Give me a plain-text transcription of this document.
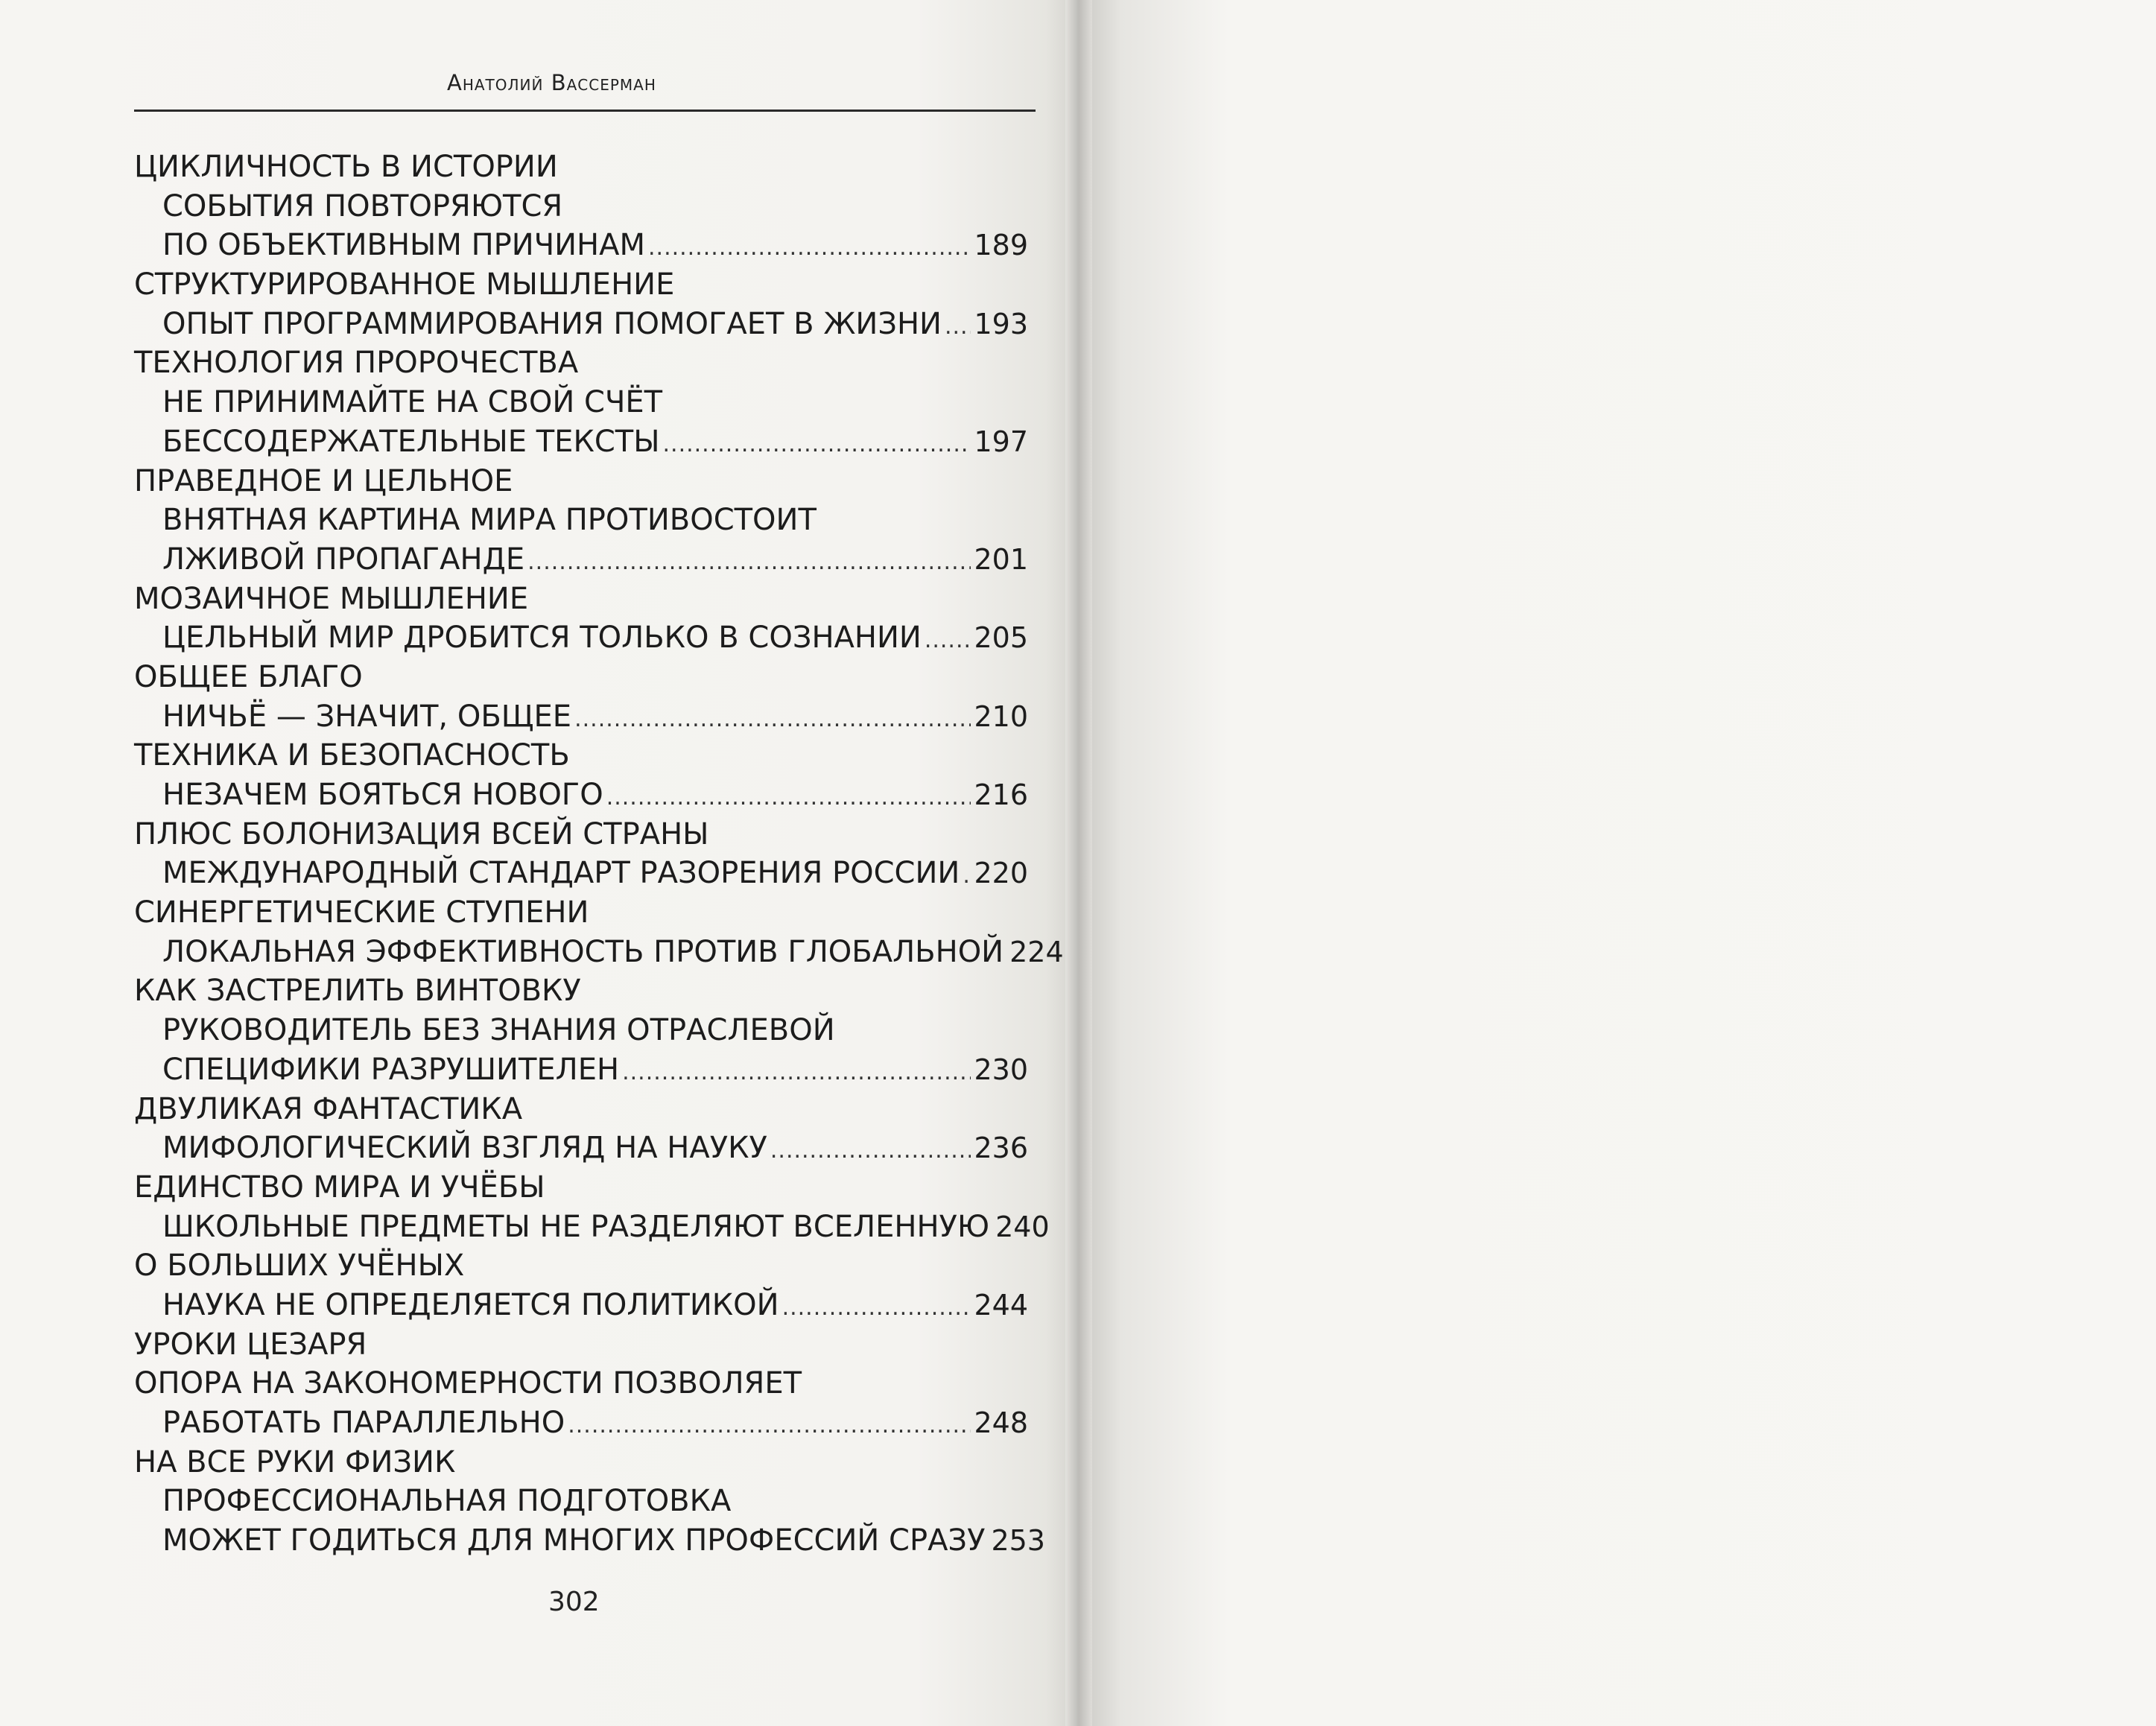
Анатолий Вассерман
ЦИКЛИЧНОСТЬ В ИСТОРИИ
СОБЫТИЯ ПОВТОРЯЮТСЯ
ПО ОБЪЕКТИВНЫМ ПРИЧИНАМ .....	189
СТРУКТУРИРОВАННОЕ МЫШЛЕНИЕ
ОПЫТ ПРОГРАММИРОВАНИЯ ПОМОГАЕТ В ЖИЗНИ ..... 193
ТЕХНОЛОГИЯ ПРОРОЧЕСТВА
НЕ ПРИНИМАЙТЕ НА СВОЙ СЧЁТ
БЕССОДЕРЖАТЕЛЬНЫЕ ТЕКСТЫ .....	197
ПРАВЕДНОЕ И ЦЕЛЬНОЕ
ВНЯТНАЯ КАРТИНА МИРА ПРОТИВОСТОИТ
ЛЖИВОЙ ПРОПАГАНДЕ .....	201
МОЗАИЧНОЕ МЫШЛЕНИЕ
ЦЕЛЬНЫЙ МИР ДРОБИТСЯ ТОЛЬКО В СОЗНАНИИ ..... 205
ОБЩЕЕ БЛАГО
НИЧЬЁ — ЗНАЧИТ, ОБЩЕЕ .....	210
ТЕХНИКА И БЕЗОПАСНОСТЬ
НЕЗАЧЕМ БОЯТЬСЯ НОВОГО .....	216
ПЛЮС БОЛОНИЗАЦИЯ ВСЕЙ СТРАНЫ
МЕЖДУНАРОДНЫЙ СТАНДАРТ РАЗОРЕНИЯ РОССИИ ..... 220
СИНЕРГЕТИЧЕСКИЕ СТУПЕНИ
ЛОКАЛЬНАЯ ЭФФЕКТИВНОСТЬ ПРОТИВ ГЛОБАЛЬНОЙ 224
КАК ЗАСТРЕЛИТЬ ВИНТОВКУ
РУКОВОДИТЕЛЬ БЕЗ ЗНАНИЯ ОТРАСЛЕВОЙ
СПЕЦИФИКИ РАЗРУШИТЕЛЕН .....	230
ДВУЛИКАЯ ФАНТАСТИКА
МИФОЛОГИЧЕСКИЙ ВЗГЛЯД НА НАУКУ .....	236
ЕДИНСТВО МИРА И УЧЁБЫ
ШКОЛЬНЫЕ ПРЕДМЕТЫ НЕ РАЗДЕЛЯЮТ ВСЕЛЕННУЮ 240
О БОЛЬШИХ УЧЁНЫХ
НАУКА НЕ ОПРЕДЕЛЯЕТСЯ ПОЛИТИКОЙ .....	244
УРОКИ ЦЕЗАРЯ
ОПОРА НА ЗАКОНОМЕРНОСТИ ПОЗВОЛЯЕТ
РАБОТАТЬ ПАРАЛЛЕЛЬНО .....	248
НА ВСЕ РУКИ ФИЗИК
ПРОФЕССИОНАЛЬНАЯ ПОДГОТОВКА
МОЖЕТ ГОДИТЬСЯ ДЛЯ МНОГИХ ПРОФЕССИЙ СРАЗУ 253
302
